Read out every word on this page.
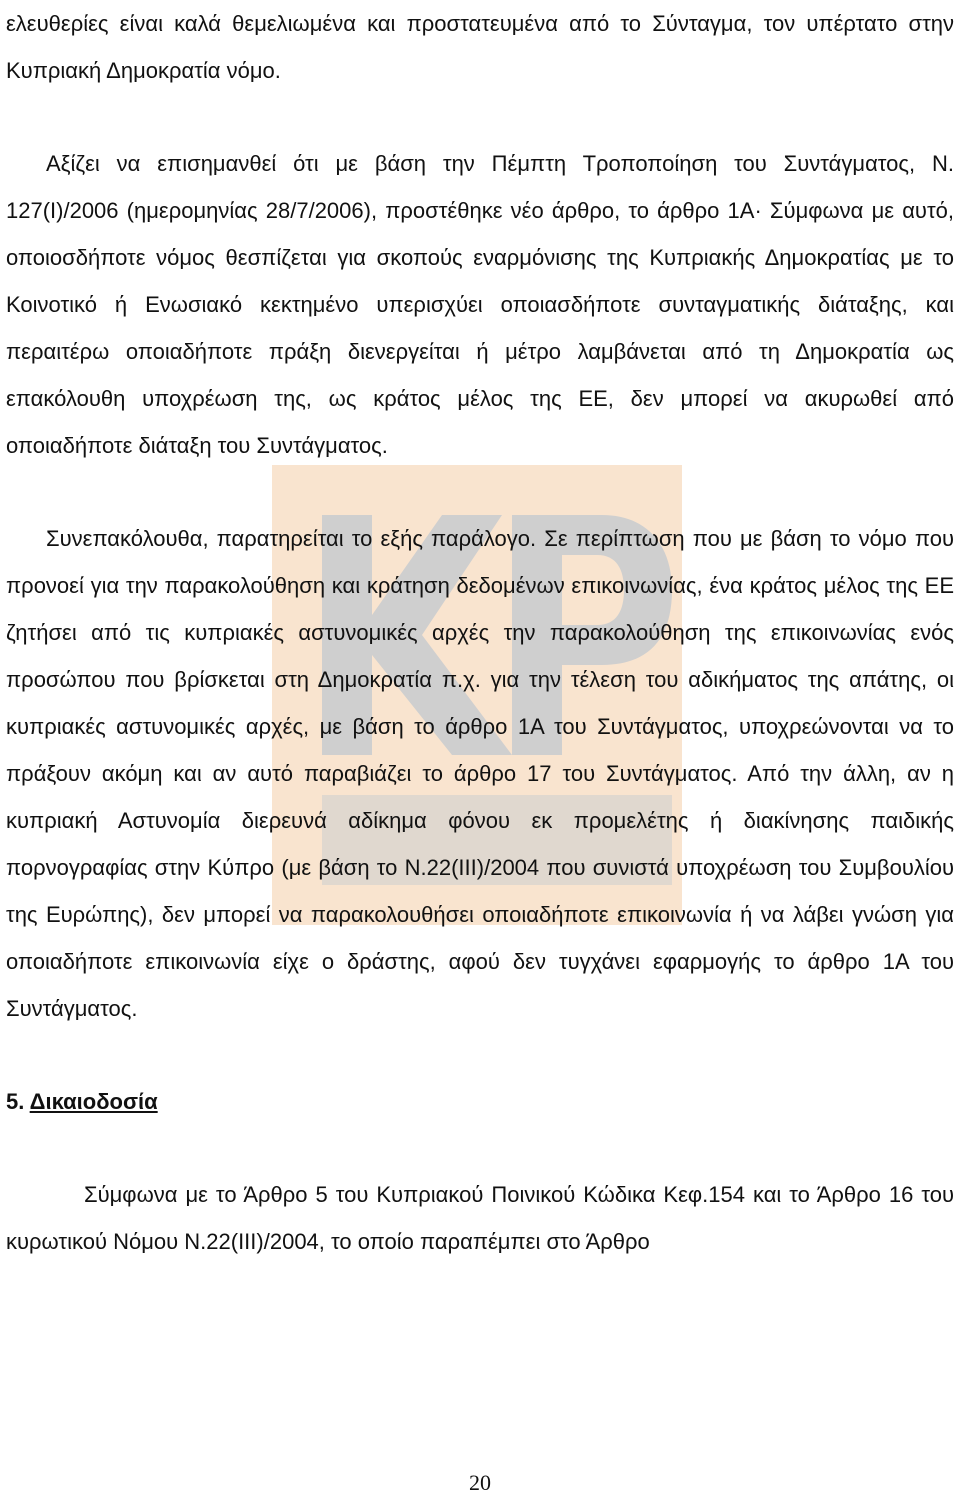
ελευθερίες είναι καλά θεμελιωμένα και προστατευμένα από το Σύνταγμα, τον υπέρτατο στην Κυπριακή Δημοκρατία νόμο.

Αξίζει να επισημανθεί ότι με βάση την Πέμπτη Τροποποίηση του Συντάγματος, Ν. 127(Ι)/2006 (ημερομηνίας 28/7/2006), προστέθηκε νέο άρθρο, το άρθρο 1Α· Σύμφωνα με αυτό, οποιοσδήποτε νόμος θεσπίζεται για σκοπούς εναρμόνισης της Κυπριακής Δημοκρατίας με το Κοινοτικό ή Ενωσιακό κεκτημένο υπερισχύει οποιασδήποτε συνταγματικής διάταξης, και περαιτέρω οποιαδήποτε πράξη διενεργείται ή μέτρο λαμβάνεται από τη Δημοκρατία ως επακόλουθη υποχρέωση της, ως κράτος μέλος της ΕΕ, δεν μπορεί να ακυρωθεί από οποιαδήποτε διάταξη του Συντάγματος.

Συνεπακόλουθα, παρατηρείται το εξής παράλογο. Σε περίπτωση που με βάση το νόμο που προνοεί για την παρακολούθηση και κράτηση δεδομένων επικοινωνίας, ένα κράτος μέλος της ΕΕ ζητήσει από τις κυπριακές αστυνομικές αρχές την παρακολούθηση της επικοινωνίας ενός προσώπου που βρίσκεται στη Δημοκρατία π.χ. για την τέλεση του αδικήματος της απάτης, οι κυπριακές αστυνομικές αρχές, με βάση το άρθρο 1Α του Συντάγματος, υποχρεώνονται να το πράξουν ακόμη και αν αυτό παραβιάζει το άρθρο 17 του Συντάγματος. Από την άλλη, αν η κυπριακή Αστυνομία διερευνά αδίκημα φόνου εκ προμελέτης ή διακίνησης παιδικής πορνογραφίας στην Κύπρο (με βάση το Ν.22(ΙΙΙ)/2004 που συνιστά υποχρέωση του Συμβουλίου της Ευρώπης), δεν μπορεί να παρακολουθήσει οποιαδήποτε επικοινωνία ή να λάβει γνώση για οποιαδήποτε επικοινωνία είχε ο δράστης, αφού δεν τυγχάνει εφαρμογής το άρθρο 1Α του Συντάγματος.

5. Δικαιοδοσία

Σύμφωνα με το Άρθρο 5 του Κυπριακού Ποινικού Κώδικα Κεφ.154 και το Άρθρο 16 του κυρωτικού Νόμου Ν.22(ΙΙΙ)/2004, το οποίο παραπέμπει στο Άρθρο

20
